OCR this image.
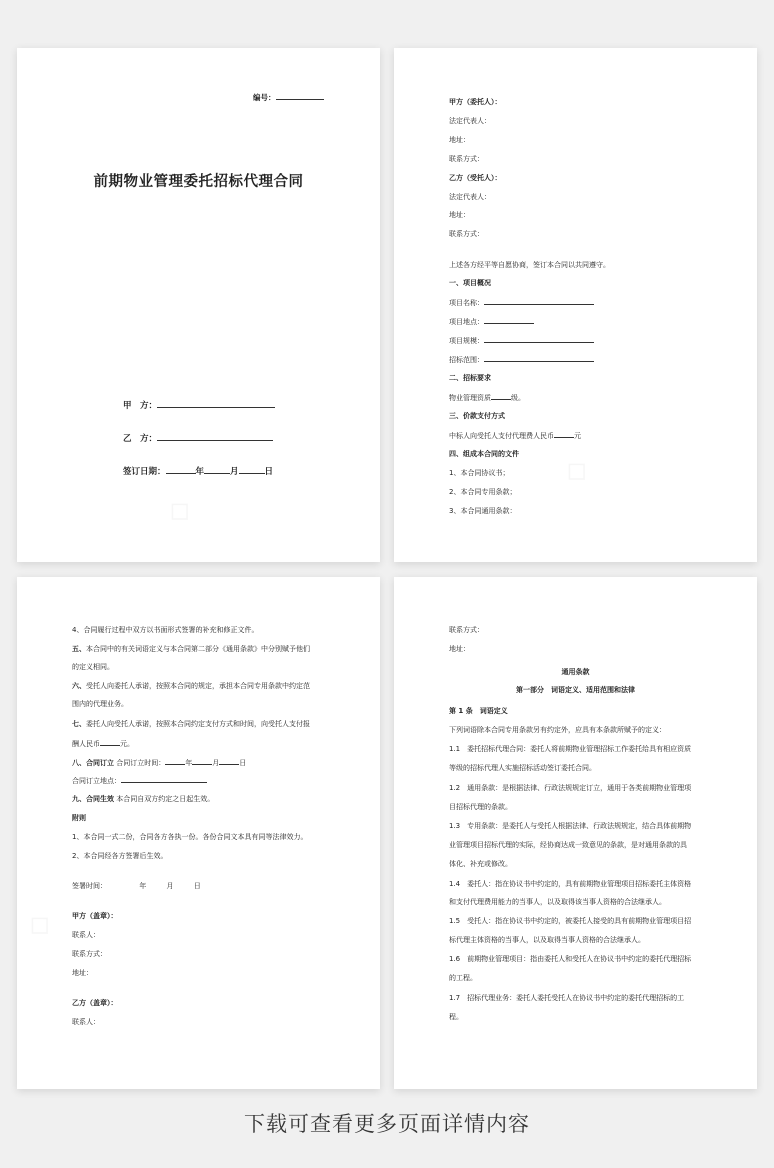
编号：
前期物业管理委托招标代理合同
甲　方：
乙　方：
签订日期：	年	月	日
甲方（委托人）：
法定代表人：
地址：
联系方式：
乙方（受托人）：
法定代表人：
地址：
联系方式：
上述各方经平等自愿协商，签订本合同以共同遵守。
一、项目概况
项目名称：
项目地点：
项目规模：
招标范围：
二、招标要求
物业管理资质	级。
三、价款支付方式
中标人向受托人支付代理费人民币	元
四、组成本合同的文件
1、本合同协议书；
2、本合同专用条款；
3、本合同通用条款：
4、合同履行过程中双方以书面形式签署的补充和修正文件。
五、本合同中的有关词语定义与本合同第二部分《通用条款》中分别赋予他们
的定义相同。
六、受托人向委托人承诺，按照本合同的规定，承担本合同专用条款中约定范
围内的代理业务。
七、委托人向受托人承诺，按照本合同约定支付方式和时间，向受托人支付报
酬人民币	元。
八、合同订立 合同订立时间：	年	月	日
合同订立地点：
九、合同生效 本合同自双方约定之日起生效。
附则
1、本合同一式二份，合同各方各执一份。各份合同文本具有同等法律效力。
2、本合同经各方签署后生效。
签署时间：	年	月	日
甲方（盖章）：
联系人：
联系方式：
地址：
乙方（盖章）：
联系人：
联系方式：
地址：
通用条款
第一部分　词语定义、适用范围和法律
第 1 条　词语定义
下列词语除本合同专用条款另有约定外，应具有本条款所赋予的定义：
1.1　委托招标代理合同：委托人将前期物业管理招标工作委托给具有相应资质
等级的招标代理人实施招标活动签订委托合同。
1.2　通用条款：是根据法律、行政法规规定订立，通用于各类前期物业管理项
目招标代理的条款。
1.3　专用条款：是委托人与受托人根据法律、行政法规规定，结合具体前期物
业管理项目招标代理的实际，经协商达成一致意见的条款，是对通用条款的具
体化、补充或修改。
1.4　委托人：指在协议书中约定的，具有前期物业管理项目招标委托主体资格
和支付代理费用能力的当事人，以及取得该当事人资格的合法继承人。
1.5　受托人：指在协议书中约定的，被委托人接受的具有前期物业管理项目招
标代理主体资格的当事人，以及取得当事人资格的合法继承人。
1.6　前期物业管理项目：指由委托人和受托人在协议书中约定的委托代理招标
的工程。
1.7　招标代理业务：委托人委托受托人在协议书中约定的委托代理招标的工
程。
下载可查看更多页面详情内容
